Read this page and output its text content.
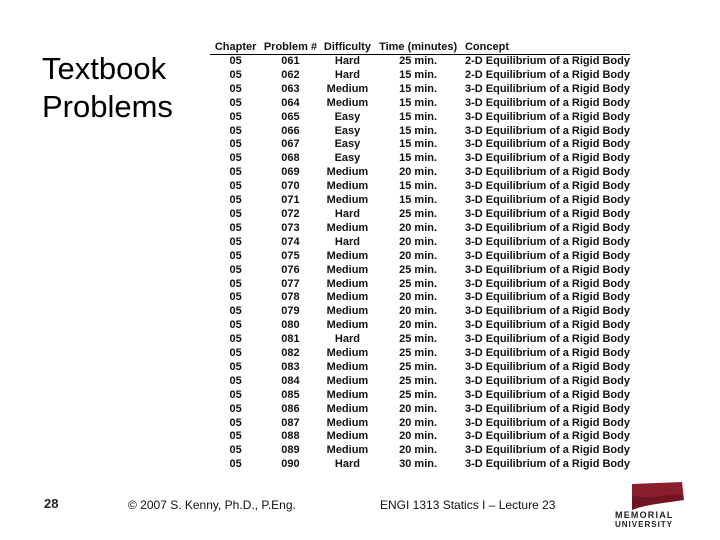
Textbook
Problems
Chapter	Problem #	Difficulty	Time (minutes)	Concept
05	061	Hard	25 min.	2-D Equilibrium of a Rigid Body
05	062	Hard	15 min.	2-D Equilibrium of a Rigid Body
05	063	Medium	15 min.	3-D Equilibrium of a Rigid Body
05	064	Medium	15 min.	3-D Equilibrium of a Rigid Body
05	065	Easy	15 min.	3-D Equilibrium of a Rigid Body
05	066	Easy	15 min.	3-D Equilibrium of a Rigid Body
05	067	Easy	15 min.	3-D Equilibrium of a Rigid Body
05	068	Easy	15 min.	3-D Equilibrium of a Rigid Body
05	069	Medium	20 min.	3-D Equilibrium of a Rigid Body
05	070	Medium	15 min.	3-D Equilibrium of a Rigid Body
05	071	Medium	15 min.	3-D Equilibrium of a Rigid Body
05	072	Hard	25 min.	3-D Equilibrium of a Rigid Body
05	073	Medium	20 min.	3-D Equilibrium of a Rigid Body
05	074	Hard	20 min.	3-D Equilibrium of a Rigid Body
05	075	Medium	20 min.	3-D Equilibrium of a Rigid Body
05	076	Medium	25 min.	3-D Equilibrium of a Rigid Body
05	077	Medium	25 min.	3-D Equilibrium of a Rigid Body
05	078	Medium	20 min.	3-D Equilibrium of a Rigid Body
05	079	Medium	20 min.	3-D Equilibrium of a Rigid Body
05	080	Medium	20 min.	3-D Equilibrium of a Rigid Body
05	081	Hard	25 min.	3-D Equilibrium of a Rigid Body
05	082	Medium	25 min.	3-D Equilibrium of a Rigid Body
05	083	Medium	25 min.	3-D Equilibrium of a Rigid Body
05	084	Medium	25 min.	3-D Equilibrium of a Rigid Body
05	085	Medium	25 min.	3-D Equilibrium of a Rigid Body
05	086	Medium	20 min.	3-D Equilibrium of a Rigid Body
05	087	Medium	20 min.	3-D Equilibrium of a Rigid Body
05	088	Medium	20 min.	3-D Equilibrium of a Rigid Body
05	089	Medium	20 min.	3-D Equilibrium of a Rigid Body
05	090	Hard	30 min.	3-D Equilibrium of a Rigid Body
28	© 2007 S. Kenny, Ph.D., P.Eng.	ENGI 1313 Statics I – Lecture 23
MEMORIAL
UNIVERSITY
